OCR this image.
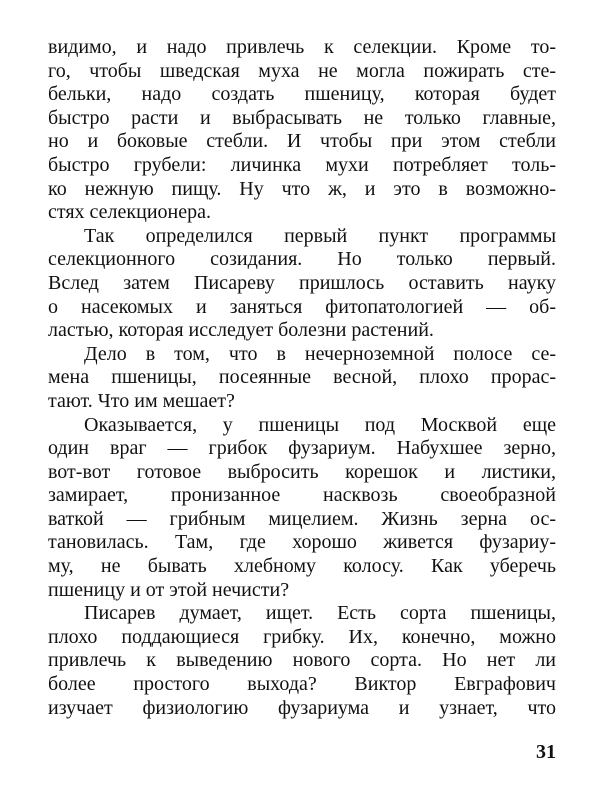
видимо, и надо привлечь к селекции. Кроме то-
го, чтобы шведская муха не могла пожирать сте-
бельки, надо создать пшеницу, которая будет
быстро расти и выбрасывать не только главные,
но и боковые стебли. И чтобы при этом стебли
быстро грубели: личинка мухи потребляет толь-
ко нежную пищу. Ну что ж, и это в возможно-
стях селекционера.
Так определился первый пункт программы
селекционного созидания. Но только первый.
Вслед затем Писареву пришлось оставить науку
о насекомых и заняться фитопатологией — об-
ластью, которая исследует болезни растений.
Дело в том, что в нечерноземной полосе се-
мена пшеницы, посеянные весной, плохо прорас-
тают. Что им мешает?
Оказывается, у пшеницы под Москвой еще
один враг — грибок фузариум. Набухшее зерно,
вот-вот готовое выбросить корешок и листики,
замирает, пронизанное насквозь своеобразной
ваткой — грибным мицелием. Жизнь зерна ос-
тановилась. Там, где хорошо живется фузариу-
му, не бывать хлебному колосу. Как уберечь
пшеницу и от этой нечисти?
Писарев думает, ищет. Есть сорта пшеницы,
плохо поддающиеся грибку. Их, конечно, можно
привлечь к выведению нового сорта. Но нет ли
более простого выхода? Виктор Евграфович
изучает физиологию фузариума и узнает, что
31
